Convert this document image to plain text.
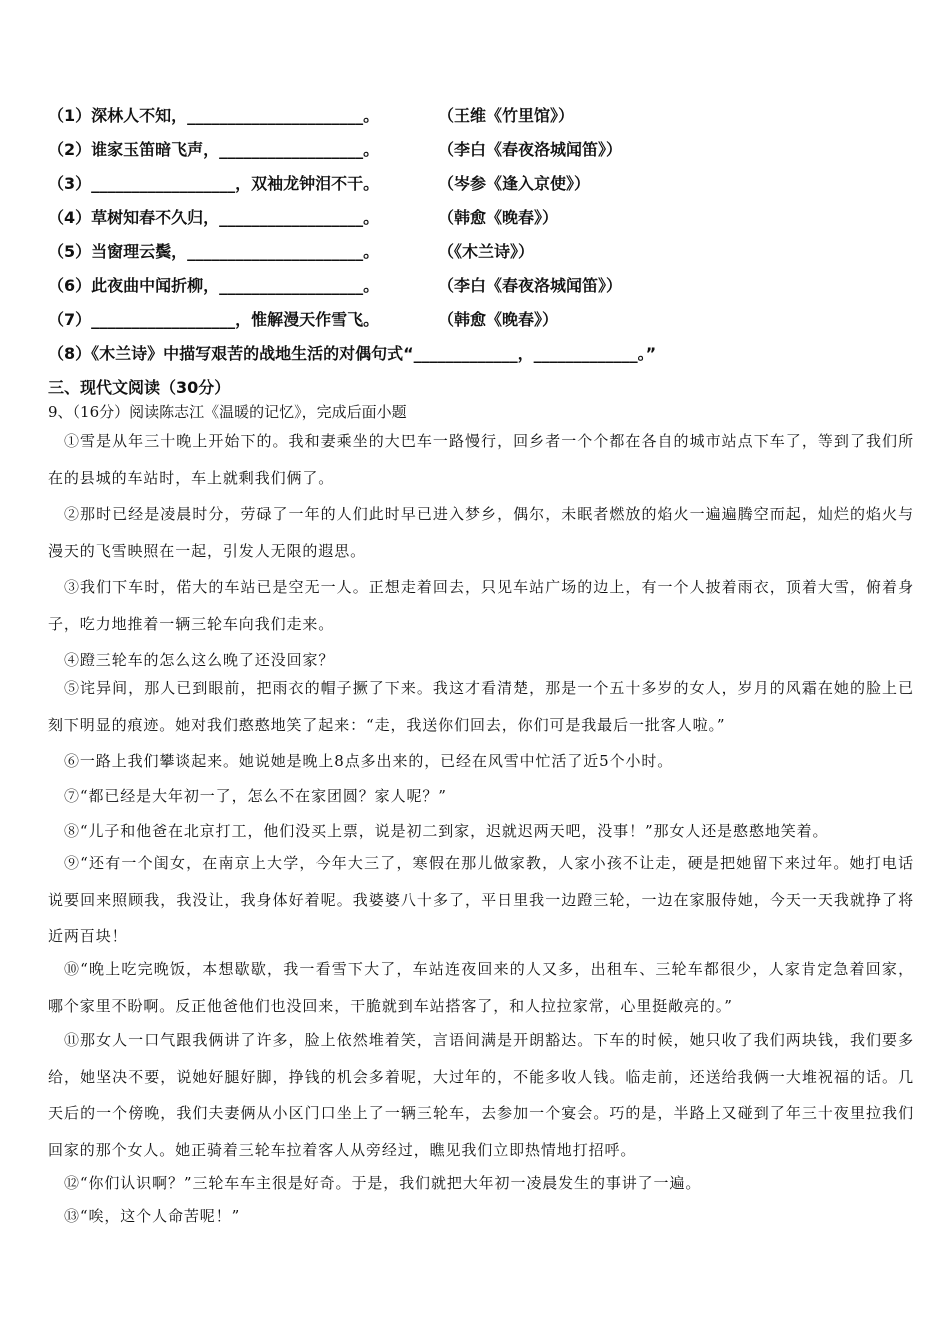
（1）深林人不知，______________________。	（王维《竹里馆》）
（2）谁家玉笛暗飞声，__________________。	（李白《春夜洛城闻笛》）
（3）__________________，双袖龙钟泪不干。	（岑参《逢入京使》）
（4）草树知春不久归，__________________。	（韩愈《晚春》）
（5）当窗理云鬓，______________________。	（《木兰诗》）
（6）此夜曲中闻折柳，__________________。	（李白《春夜洛城闻笛》）
（7）__________________，惟解漫天作雪飞。	（韩愈《晚春》）
（8）《木兰诗》中描写艰苦的战地生活的对偶句式“_____________，_____________。”
三、现代文阅读（30分）
9、（16分）阅读陈志江《温暖的记忆》，完成后面小题
①雪是从年三十晚上开始下的。我和妻乘坐的大巴车一路慢行，回乡者一个个都在各自的城市站点下车了，等到了我们所在的县城的车站时，车上就剩我们俩了。
②那时已经是凌晨时分，劳碌了一年的人们此时早已进入梦乡，偶尔，未眠者燃放的焰火一遍遍腾空而起，灿烂的焰火与漫天的飞雪映照在一起，引发人无限的遐思。
③我们下车时，偌大的车站已是空无一人。正想走着回去，只见车站广场的边上，有一个人披着雨衣，顶着大雪，俯着身子，吃力地推着一辆三轮车向我们走来。
④蹬三轮车的怎么这么晚了还没回家？
⑤诧异间，那人已到眼前，把雨衣的帽子撅了下来。我这才看清楚，那是一个五十多岁的女人，岁月的风霜在她的脸上已刻下明显的痕迹。她对我们憨憨地笑了起来：“走，我送你们回去，你们可是我最后一批客人啦。”
⑥一路上我们攀谈起来。她说她是晚上8点多出来的，已经在风雪中忙活了近5个小时。
⑦“都已经是大年初一了，怎么不在家团圆？家人呢？”
⑧“儿子和他爸在北京打工，他们没买上票，说是初二到家，迟就迟两天吧，没事！”那女人还是憨憨地笑着。
⑨“还有一个闺女，在南京上大学，今年大三了，寒假在那儿做家教，人家小孩不让走，硬是把她留下来过年。她打电话说要回来照顾我，我没让，我身体好着呢。我婆婆八十多了，平日里我一边蹬三轮，一边在家服侍她，今天一天我就挣了将近两百块！
⑩“晚上吃完晚饭，本想歇歇，我一看雪下大了，车站连夜回来的人又多，出租车、三轮车都很少，人家肯定急着回家，哪个家里不盼啊。反正他爸他们也没回来，干脆就到车站搭客了，和人拉拉家常，心里挺敞亮的。”
⑪那女人一口气跟我俩讲了许多，脸上依然堆着笑，言语间满是开朗豁达。下车的时候，她只收了我们两块钱，我们要多给，她坚决不要，说她好腿好脚，挣钱的机会多着呢，大过年的，不能多收人钱。临走前，还送给我俩一大堆祝福的话。几天后的一个傍晚，我们夫妻俩从小区门口坐上了一辆三轮车，去参加一个宴会。巧的是，半路上又碰到了年三十夜里拉我们回家的那个女人。她正骑着三轮车拉着客人从旁经过，瞧见我们立即热情地打招呼。
⑫“你们认识啊？”三轮车车主很是好奇。于是，我们就把大年初一凌晨发生的事讲了一遍。
⑬“唉，这个人命苦呢！”
